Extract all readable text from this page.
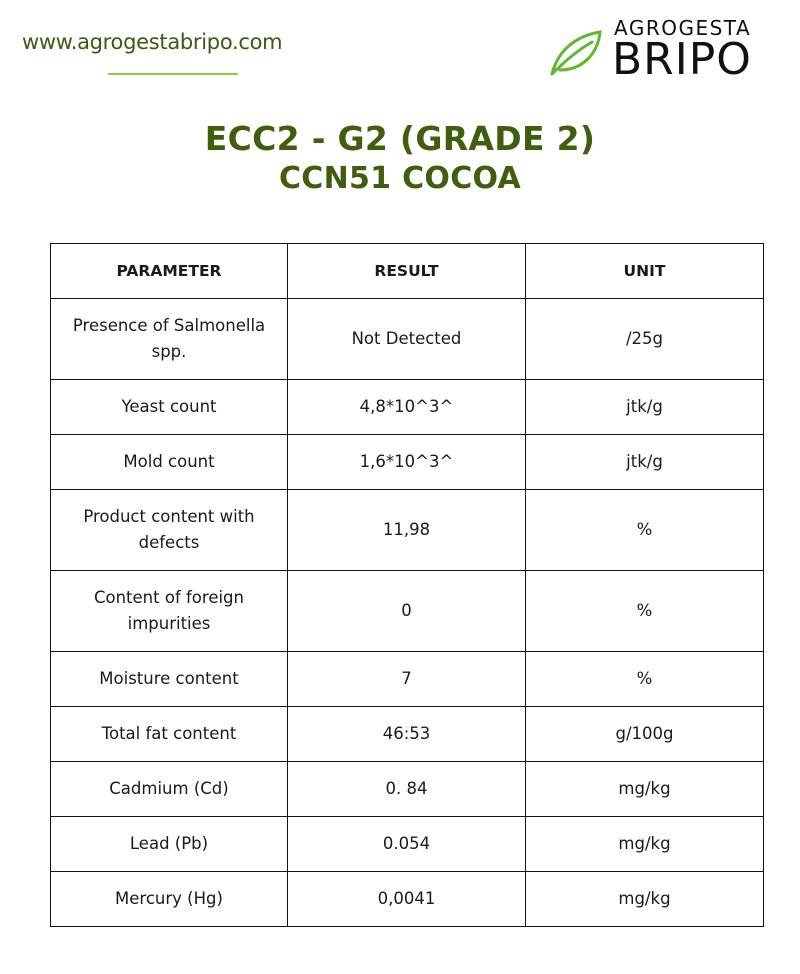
www.agrogestabripo.com
AGROGESTA
BRIPO
ECC2 - G2 (GRADE 2)
CCN51 COCOA
PARAMETER	RESULT	UNIT
Presence of Salmonella spp.	Not Detected	/25g
Yeast count	4,8*10^3^	jtk/g
Mold count	1,6*10^3^	jtk/g
Product content with defects	11,98	%
Content of foreign impurities	0	%
Moisture content	7	%
Total fat content	46:53	g/100g
Cadmium (Cd)	0. 84	mg/kg
Lead (Pb)	0.054	mg/kg
Mercury (Hg)	0,0041	mg/kg
